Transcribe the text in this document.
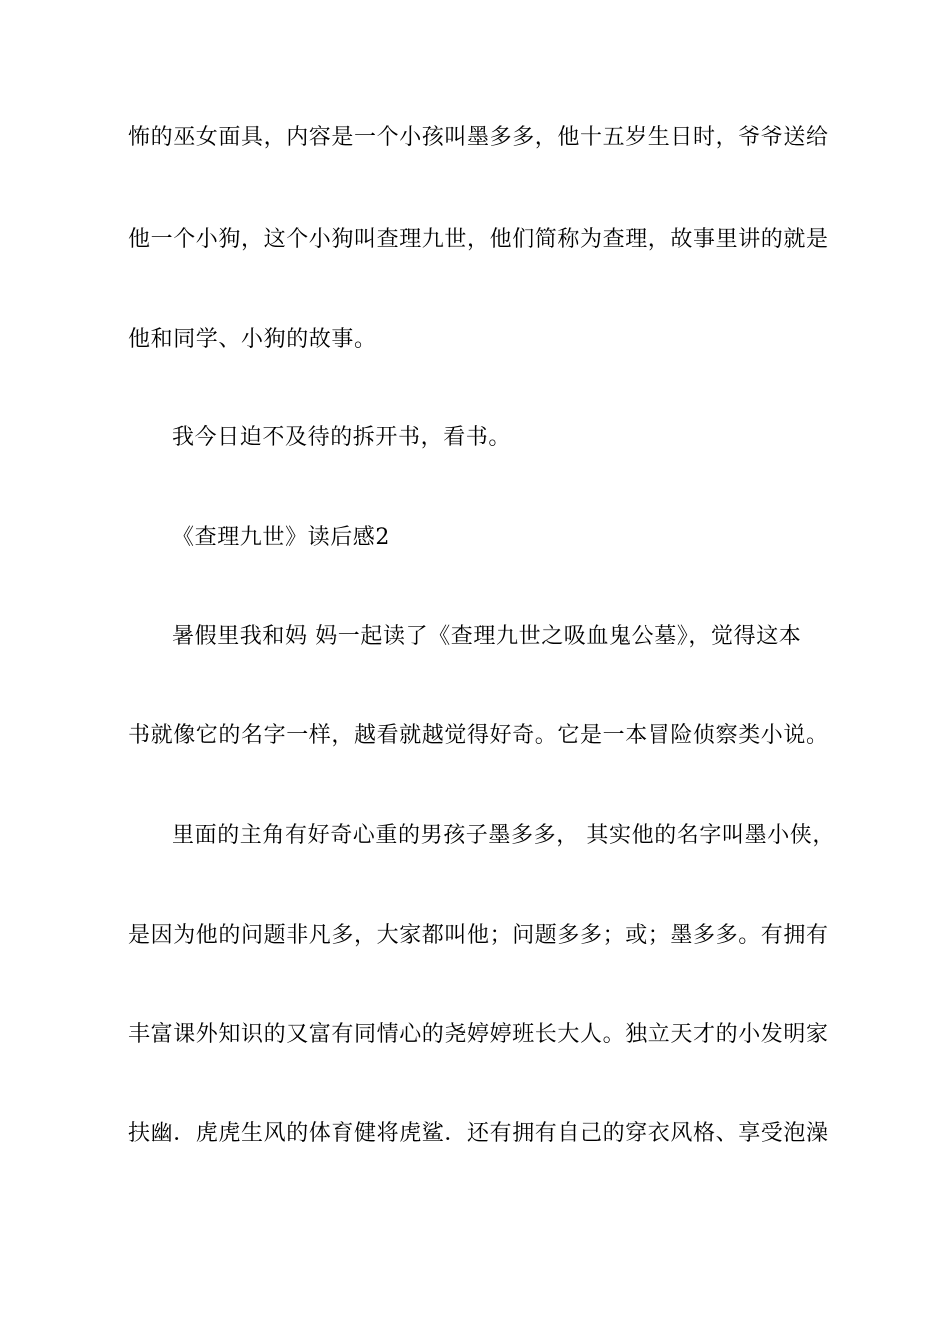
怖的巫女面具，内容是一个小孩叫墨多多，他十五岁生日时，爷爷送给
他一个小狗，这个小狗叫查理九世，他们简称为查理，故事里讲的就是
他和同学、小狗的故事。
我今日迫不及待的拆开书，看书。
《查理九世》读后感2
暑假里我和妈 妈一起读了《查理九世之吸血鬼公墓》，觉得这本
书就像它的名字一样，越看就越觉得好奇。它是一本冒险侦察类小说。
里面的主角有好奇心重的男孩子墨多多， 其实他的名字叫墨小侠，
是因为他的问题非凡多，大家都叫他；问题多多；或；墨多多。有拥有
丰富课外知识的又富有同情心的尧婷婷班长大人。独立天才的小发明家
扶幽．虎虎生风的体育健将虎鲨．还有拥有自己的穿衣风格、享受泡澡
